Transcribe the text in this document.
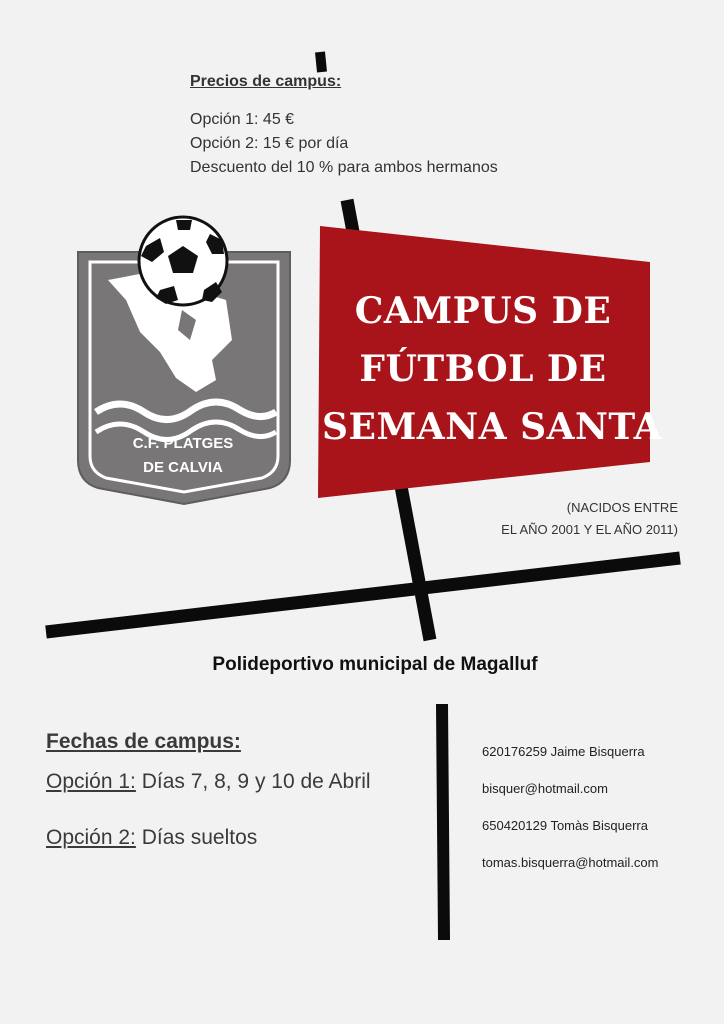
Precios de campus:
Opción 1: 45 €
Opción 2: 15 € por día
Descuento del 10 % para ambos hermanos
C.F. PLATGES
DE CALVIA
CAMPUS DE
FÚTBOL DE
SEMANA SANTA
(NACIDOS ENTRE
EL AÑO 2001 Y EL AÑO 2011)
Polideportivo municipal de Magalluf
Fechas de campus:
Opción 1: Días 7, 8, 9 y 10 de Abril
Opción 2: Días sueltos
620176259 Jaime Bisquerra
bisquer@hotmail.com
650420129 Tomàs Bisquerra
tomas.bisquerra@hotmail.com
